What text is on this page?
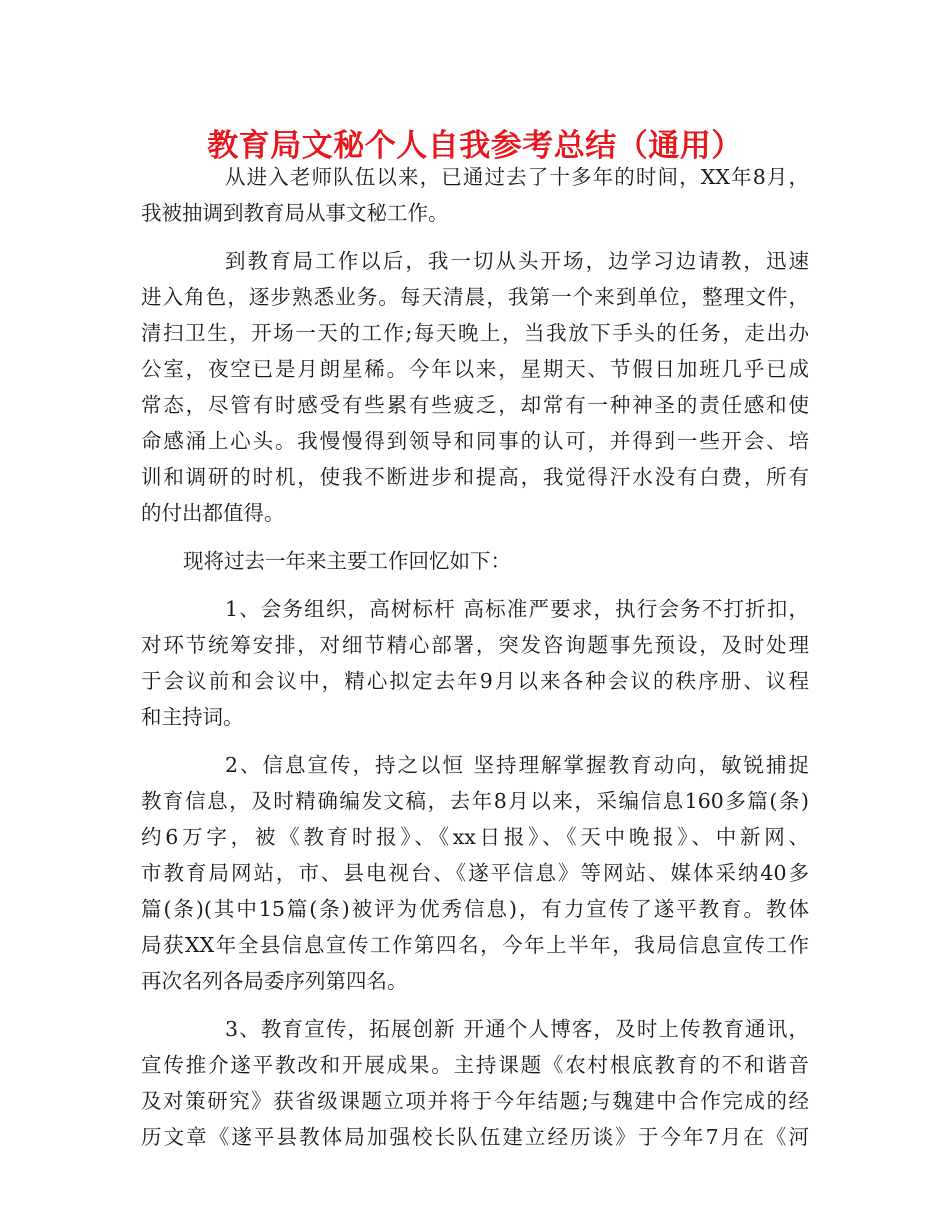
教育局文秘个人自我参考总结（通用）
从进入老师队伍以来，已通过去了十多年的时间，XX年8月，
我被抽调到教育局从事文秘工作。
到教育局工作以后，我一切从头开场，边学习边请教，迅速
进入角色，逐步熟悉业务。每天清晨，我第一个来到单位，整理文件，
清扫卫生，开场一天的工作;每天晚上，当我放下手头的任务，走出办
公室，夜空已是月朗星稀。今年以来，星期天、节假日加班几乎已成
常态，尽管有时感受有些累有些疲乏，却常有一种神圣的责任感和使
命感涌上心头。我慢慢得到领导和同事的认可，并得到一些开会、培
训和调研的时机，使我不断进步和提高，我觉得汗水没有白费，所有
的付出都值得。
现将过去一年来主要工作回忆如下：
1、会务组织，高树标杆 高标准严要求，执行会务不打折扣，
对环节统筹安排，对细节精心部署，突发咨询题事先预设，及时处理
于会议前和会议中，精心拟定去年9月以来各种会议的秩序册、议程
和主持词。
2、信息宣传，持之以恒 坚持理解掌握教育动向，敏锐捕捉
教育信息，及时精确编发文稿，去年8月以来，采编信息160多篇(条)
约6万字，被《教育时报》、《xx日报》、《天中晚报》、中新网、
市教育局网站，市、县电视台、《遂平信息》等网站、媒体采纳40多
篇(条)(其中15篇(条)被评为优秀信息)，有力宣传了遂平教育。教体
局获XX年全县信息宣传工作第四名，今年上半年，我局信息宣传工作
再次名列各局委序列第四名。
3、教育宣传，拓展创新 开通个人博客，及时上传教育通讯，
宣传推介遂平教改和开展成果。主持课题《农村根底教育的不和谐音
及对策研究》获省级课题立项并将于今年结题;与魏建中合作完成的经
历文章《遂平县教体局加强校长队伍建立经历谈》于今年7月在《河
